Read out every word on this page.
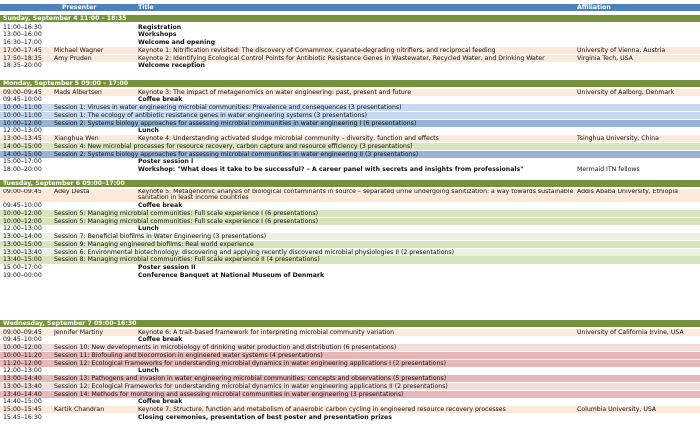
Presenter	Title	Affiliation
Sunday, September 4 11:00 – 18:35
11:00–16:30	Registration
13:00–16:00	Workshops
16:30–17:00	Welcome and opening
17:00–17:45	Michael Wagner	Keynote 1: Nitrification revisited: The discovery of Comammox, cyanate-degrading nitrifiers, and reciprocal feeding	University of Vienna, Austria
17:50–18:35	Amy Pruden	Keynote 2: Identifying Ecological Control Points for Antibiotic Resistance Genes in Wastewater, Recycled Water, and Drinking Water	Virginia Tech, USA
18:35–20:00	Welcome reception
Monday, September 5 09:00 – 17:00
09:00–09:45	Mads Albertsen	Keynote 3: The impact of metagenomics on water engineering: past, present and future	University of Aalborg, Denmark
09:45–10:00	Coffee break
10:00–11:00	Session 1: Viruses in water engineering microbial communities: Prevalence and consequences (3 presentations)
10:00–11:00	Session 1: The ecology of antibiotic resistance genes in water engineering systems (3 presentations)
10:00–12:00	Session 2: Systems biology approaches for assessing microbial communities in water engineering I (6 presentations)
12:00–13:00	Lunch
13:00–13:45	Xianghua Wen	Keynote 4: Understanding activated sludge microbial community – diversity, function and effects	Tsinghua University, China
14:00–15:00	Session 4: New microbial processes for resource recovery, carbon capture and resource efficiency (3 presentations)
14:00–15:00	Session 2: Systems biology approaches for assessing microbial communities in water engineering II (3 presentations)
15:00–17:00	Poster session I
18:00–20:00	Workshop: "What does it take to be successful? – A career panel with secrets and insights from professionals"	Mermaid ITN fellows
Tuesday, September 6 09:00–17:00
09:00–09:45	Adey Desta	Keynote 5: Metagenomic analysis of biological contaminants in source – separated urine undergoing sanitization: a way towards sustainable sanitation in least income countries
Addis Ababa University, Ethiopia
09:45–10:00	Coffee break
10:00–12:00	Session 5: Managing microbial communities: Full scale experience I (6 presentations)
10:00–12:00	Session 5: Managing microbial communities: Full scale experience I (6 presentations)
12:00–13:00	Lunch
13:00–14:00	Session 7: Beneficial biofilms in Water Engineering (3 presentations)
13:00–15:00	Session 9: Managing engineered biofilms: Real world experience
13:00–13:40	Session 6: Environmental biotechnology: discovering and applying recently discovered microbial physiologies II (2 presentations)
13:40–15:00	Session 8: Managing microbial communities: Full scale experience II (4 presentations)
15:00–17:00	Poster session II
19:00–00:00	Conference Banquet at National Museum of Denmark
Wednesday, September 7 09:00–16:30
09:00–09:45	Jennifer Martiny	Keynote 6: A trait-based framework for interpreting microbial community variation	University of California Irvine, USA
09:45–10:00	Coffee break
10:00–12:00	Session 10: New developments in microbiology of drinking water production and distribution (6 presentations)
10:00–11:20	Session 11: Biofouling and biocorrosion in engineered water systems (4 presentations)
11:20–12:00	Session 12: Ecological Frameworks for understanding microbial dynamics in water engineering applications I (2 presentations)
12:00–13:00	Lunch
13:00–14:40	Session 13: Pathogens and invasion in water engineering microbial communities: concepts and observations (5 presentations)
13:00–13:40	Session 12: Ecological Frameworks for understanding microbial dynamics in water engineering applications II (2 presentations)
13:40–14:40	Session 14: Methods for monitoring and assessing microbial communities in water engineering (3 presentations)
14:40–15:00	Coffee break
15:00–15:45	Kartik Chandran	Keynote 7: Structure, function and metabolism of anaerobic carbon cycling in engineered resource recovery processes	Columbia University, USA
15:45–16:30	Closing ceremonies, presentation of best poster and presentation prizes
